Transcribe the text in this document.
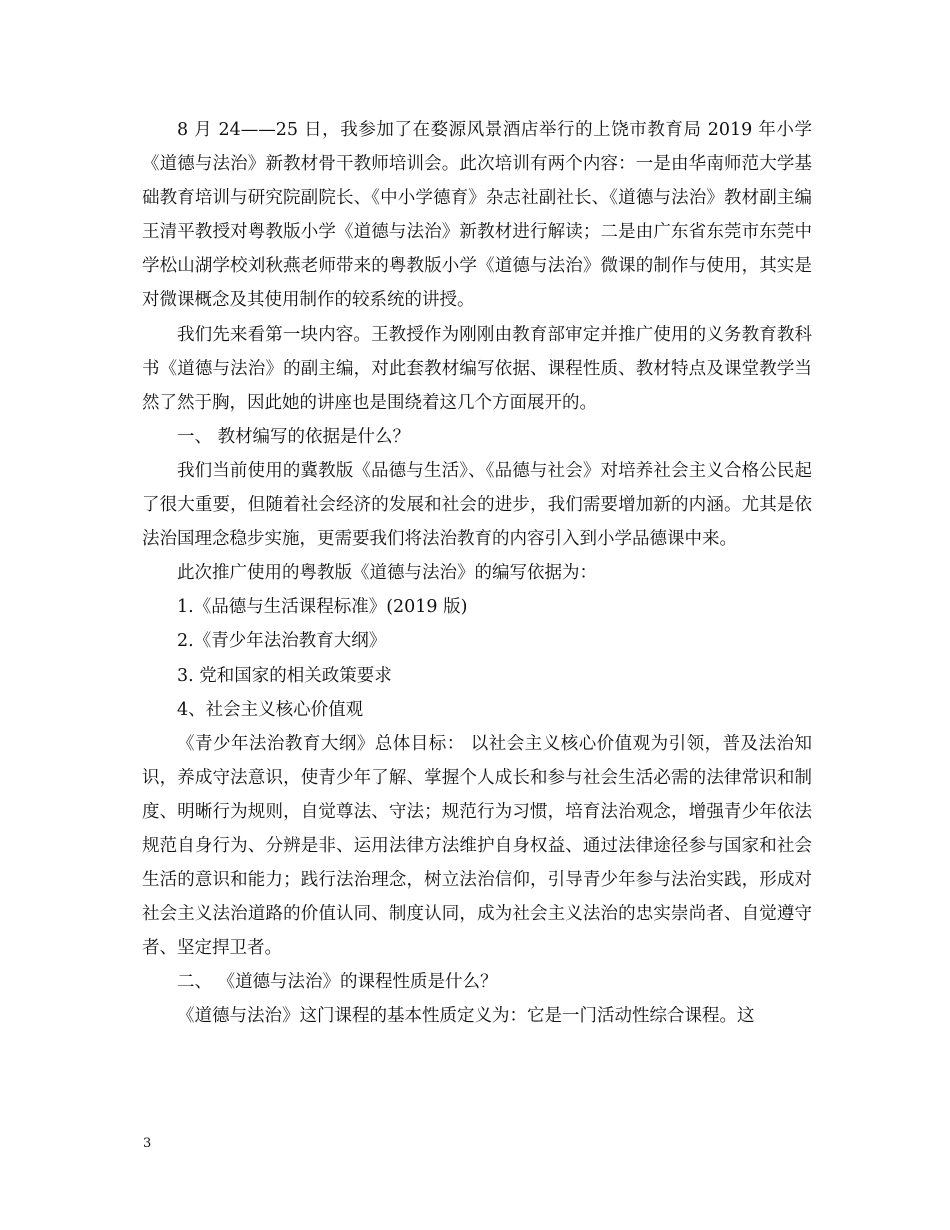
8 月 24——25 日，我参加了在婺源风景酒店举行的上饶市教育局 2019 年小学《道德与法治》新教材骨干教师培训会。此次培训有两个内容：一是由华南师范大学基础教育培训与研究院副院长、《中小学德育》杂志社副社长、《道德与法治》教材副主编王清平教授对粤教版小学《道德与法治》新教材进行解读；二是由广东省东莞市东莞中学松山湖学校刘秋燕老师带来的粤教版小学《道德与法治》微课的制作与使用，其实是对微课概念及其使用制作的较系统的讲授。

我们先来看第一块内容。王教授作为刚刚由教育部审定并推广使用的义务教育教科书《道德与法治》的副主编，对此套教材编写依据、课程性质、教材特点及课堂教学当然了然于胸，因此她的讲座也是围绕着这几个方面展开的。

一、 教材编写的依据是什么？

我们当前使用的冀教版《品德与生活》、《品德与社会》对培养社会主义合格公民起了很大重要，但随着社会经济的发展和社会的进步，我们需要增加新的内涵。尤其是依法治国理念稳步实施，更需要我们将法治教育的内容引入到小学品德课中来。

此次推广使用的粤教版《道德与法治》的编写依据为：

1.《品德与生活课程标准》(2019 版)

2.《青少年法治教育大纲》

3. 党和国家的相关政策要求

4、社会主义核心价值观

《青少年法治教育大纲》总体目标： 以社会主义核心价值观为引领，普及法治知识，养成守法意识，使青少年了解、掌握个人成长和参与社会生活必需的法律常识和制度、明晰行为规则，自觉尊法、守法；规范行为习惯，培育法治观念，增强青少年依法规范自身行为、分辨是非、运用法律方法维护自身权益、通过法律途径参与国家和社会生活的意识和能力；践行法治理念，树立法治信仰，引导青少年参与法治实践，形成对社会主义法治道路的价值认同、制度认同，成为社会主义法治的忠实崇尚者、自觉遵守者、坚定捍卫者。

二、 《道德与法治》的课程性质是什么？

《道德与法治》这门课程的基本性质定义为：它是一门活动性综合课程。这

3
